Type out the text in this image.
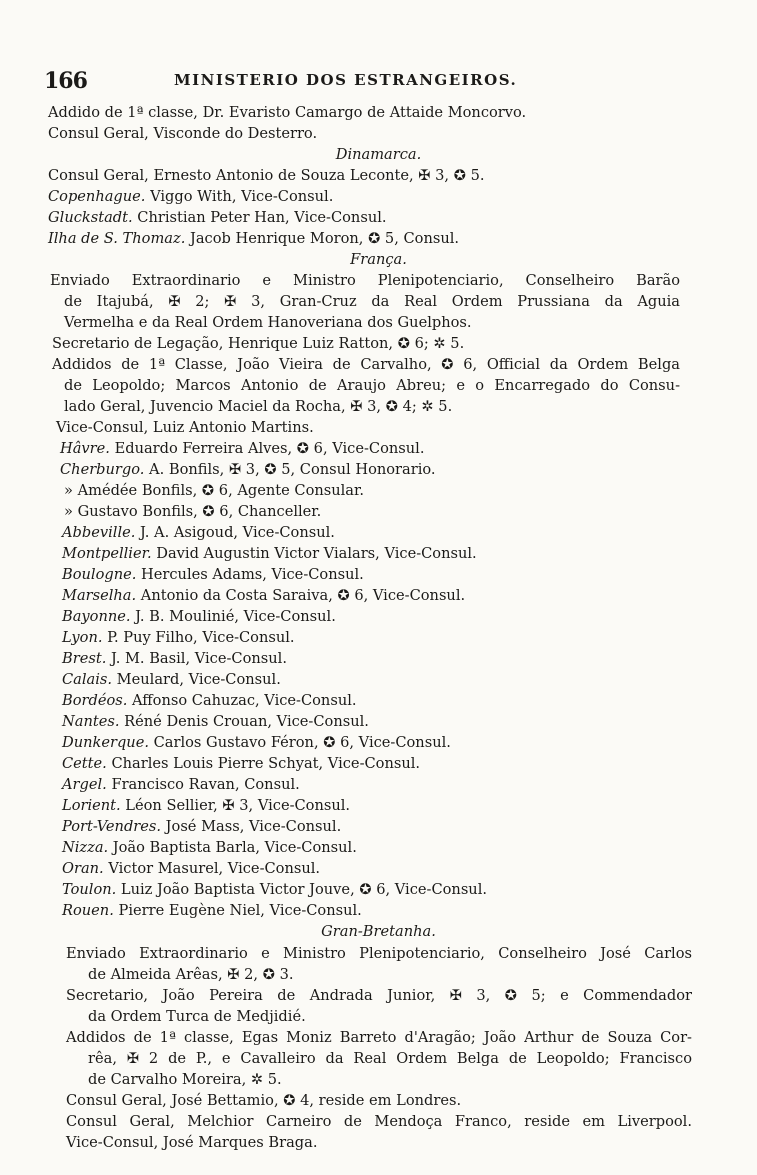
166	MINISTERIO DOS ESTRANGEIROS.
Addido de 1ª classe, Dr. Evaristo Camargo de Attaide Moncorvo.
Consul Geral, Visconde do Desterro.
Dinamarca.
Consul Geral, Ernesto Antonio de Souza Leconte, ✠ 3, ✪ 5.
Copenhague. Viggo With, Vice-Consul.
Gluckstadt. Christian Peter Han, Vice-Consul.
Ilha de S. Thomaz. Jacob Henrique Moron, ✪ 5, Consul.
França.
Enviado Extraordinario e Ministro Plenipotenciario, Conselheiro Barão
de Itajubá, ✠ 2; ✠ 3, Gran-Cruz da Real Ordem Prussiana da Aguia
Vermelha e da Real Ordem Hanoveriana dos Guelphos.
Secretario de Legação, Henrique Luiz Ratton, ✪ 6; ✲ 5.
Addidos de 1ª Classe, João Vieira de Carvalho, ✪ 6, Official da Ordem Belga
de Leopoldo; Marcos Antonio de Araujo Abreu; e o Encarregado do Consu-
lado Geral, Juvencio Maciel da Rocha, ✠ 3, ✪ 4; ✲ 5.
Vice-Consul, Luiz Antonio Martins.
Hâvre. Eduardo Ferreira Alves, ✪ 6, Vice-Consul.
Cherburgo. A. Bonfils, ✠ 3, ✪ 5, Consul Honorario.
» Amédée Bonfils, ✪ 6, Agente Consular.
» Gustavo Bonfils, ✪ 6, Chanceller.
Abbeville. J. A. Asigoud, Vice-Consul.
Montpellier. David Augustin Victor Vialars, Vice-Consul.
Boulogne. Hercules Adams, Vice-Consul.
Marselha. Antonio da Costa Saraiva, ✪ 6, Vice-Consul.
Bayonne. J. B. Moulinié, Vice-Consul.
Lyon. P. Puy Filho, Vice-Consul.
Brest. J. M. Basil, Vice-Consul.
Calais. Meulard, Vice-Consul.
Bordéos. Affonso Cahuzac, Vice-Consul.
Nantes. Réné Denis Crouan, Vice-Consul.
Dunkerque. Carlos Gustavo Féron, ✪ 6, Vice-Consul.
Cette. Charles Louis Pierre Schyat, Vice-Consul.
Argel. Francisco Ravan, Consul.
Lorient. Léon Sellier, ✠ 3, Vice-Consul.
Port-Vendres. José Mass, Vice-Consul.
Nizza. João Baptista Barla, Vice-Consul.
Oran. Victor Masurel, Vice-Consul.
Toulon. Luiz João Baptista Victor Jouve, ✪ 6, Vice-Consul.
Rouen. Pierre Eugène Niel, Vice-Consul.
Gran-Bretanha.
Enviado Extraordinario e Ministro Plenipotenciario, Conselheiro José Carlos
de Almeida Arêas, ✠ 2, ✪ 3.
Secretario, João Pereira de Andrada Junior, ✠ 3, ✪ 5; e Commendador
da Ordem Turca de Medjidié.
Addidos de 1ª classe, Egas Moniz Barreto d'Aragão; João Arthur de Souza Cor-
rêa, ✠ 2 de P., e Cavalleiro da Real Ordem Belga de Leopoldo; Francisco
de Carvalho Moreira, ✲ 5.
Consul Geral, José Bettamio, ✪ 4, reside em Londres.
Consul Geral, Melchior Carneiro de Mendoça Franco, reside em Liverpool.
Vice-Consul, José Marques Braga.
